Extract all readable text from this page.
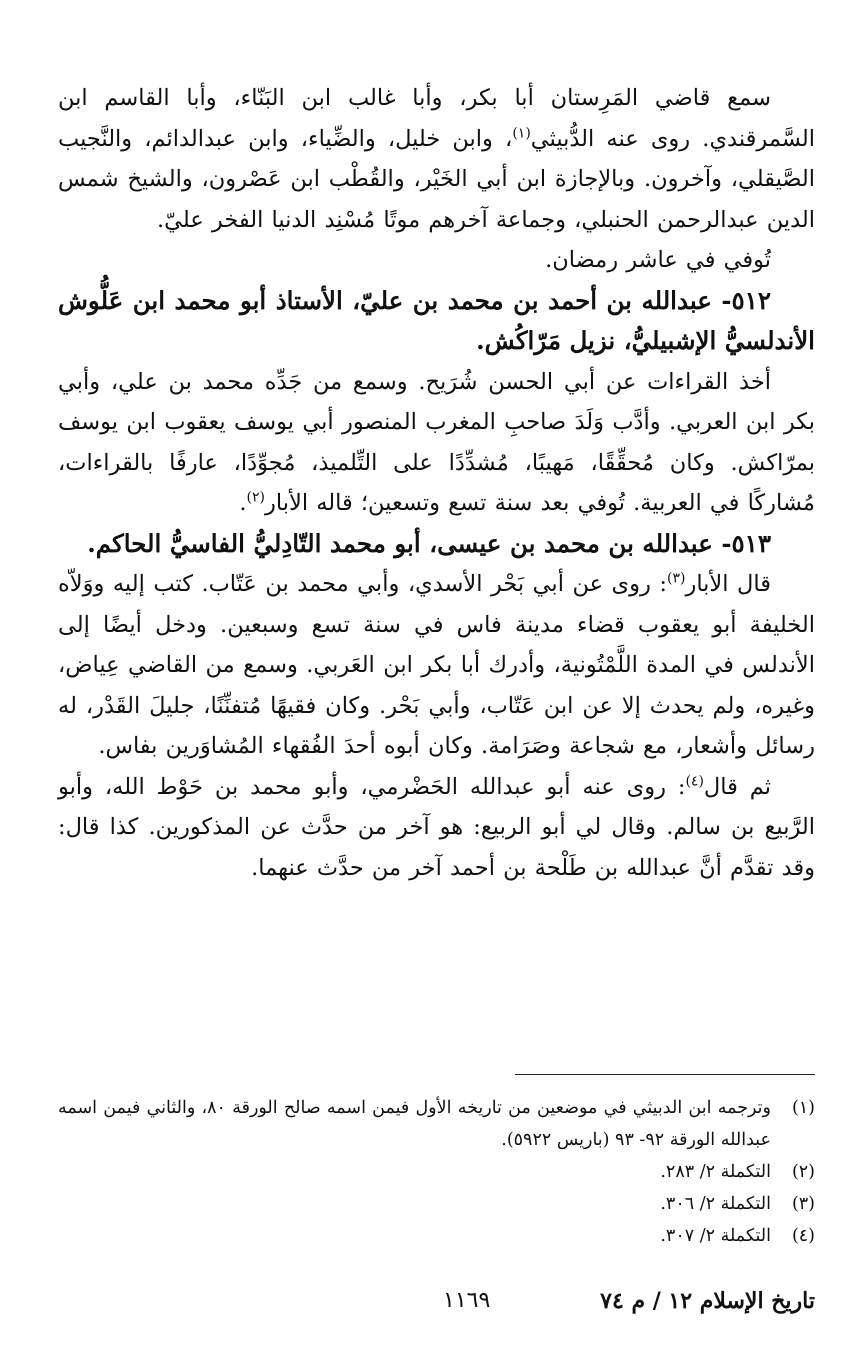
سمع قاضي المَرِستان أبا بكر، وأبا غالب ابن البَنّاء، وأبا القاسم ابن السَّمرقندي. روى عنه الدُّبيثي$^{(١)}$، وابن خليل، والضِّياء، وابن عبدالدائم، والنَّجيب الصَّيقلي، وآخرون. وبالإجازة ابن أبي الخَيْر، والقُطْب ابن عَصْرون، والشيخ شمس الدين عبدالرحمن الحنبلي، وجماعة آخرهم موتًا مُسْنِد الدنيا الفخر عليّ.

تُوفي في عاشر رمضان.

٥١٢- عبدالله بن أحمد بن محمد بن عليّ، الأستاذ أبو محمد ابن عَلُّوش الأندلسيُّ الإشبيليُّ، نزيل مَرّاكُش.

أخذ القراءات عن أبي الحسن شُرَيح. وسمع من جَدِّه محمد بن علي، وأبي بكر ابن العربي. وأدَّب وَلَدَ صاحبِ المغرب المنصور أبي يوسف يعقوب ابن يوسف بمرّاكش. وكان مُحقِّقًا، مَهيبًا، مُشدِّدًا على التِّلميذ، مُجوِّدًا، عارفًا بالقراءات، مُشاركًا في العربية. تُوفي بعد سنة تسع وتسعين؛ قاله الأبار$^{(٢)}$.

٥١٣- عبدالله بن محمد بن عيسى، أبو محمد التّادِليُّ الفاسيُّ الحاكم.

قال الأبار$^{(٣)}$: روى عن أبي بَحْر الأسدي، وأبي محمد بن عَتّاب. كتب إليه ووَلاّه الخليفة أبو يعقوب قضاء مدينة فاس في سنة تسع وسبعين. ودخل أيضًا إلى الأندلس في المدة اللَّمْتُونية، وأدرك أبا بكر ابن العَربي. وسمع من القاضي عِياض، وغيره، ولم يحدث إلا عن ابن عَتّاب، وأبي بَحْر. وكان فقيهًا مُتفنِّنًا، جليلَ القَدْر، له رسائل وأشعار، مع شجاعة وصَرَامة. وكان أبوه أحدَ الفُقهاء المُشاوَرين بفاس.

ثم قال$^{(٤)}$: روى عنه أبو عبدالله الحَضْرمي، وأبو محمد بن حَوْط الله، وأبو الرَّبيع بن سالم. وقال لي أبو الربيع: هو آخر من حدَّث عن المذكورين. كذا قال: وقد تقدَّم أنَّ عبدالله بن طَلْحة بن أحمد آخر من حدَّث عنهما.

(١)
وترجمه ابن الدبيثي في موضعين من تاريخه الأول فيمن اسمه صالح الورقة ٨٠، والثاني فيمن اسمه عبدالله الورقة ٩٢- ٩٣ (باريس ٥٩٢٢).
(٢)
التكملة ٢/ ٢٨٣.
(٣)
التكملة ٢/ ٣٠٦.
(٤)
التكملة ٢/ ٣٠٧.
تاريخ الإسلام ١٢ / م ٧٤
١١٦٩
